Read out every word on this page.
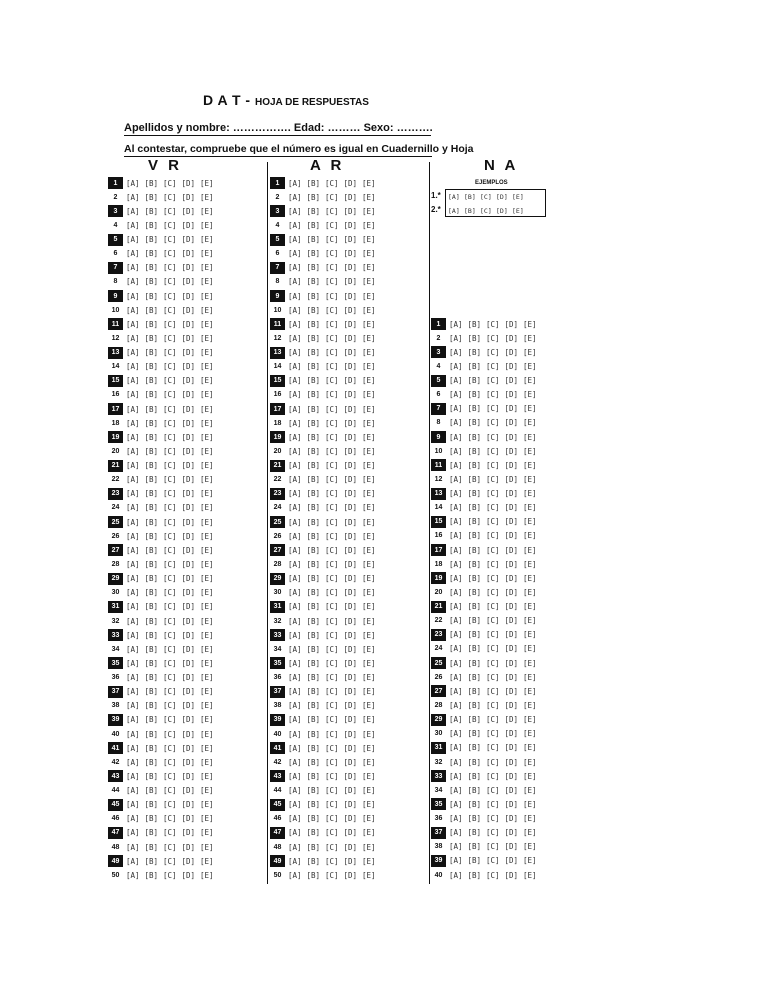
D A T - HOJA DE RESPUESTAS
Apellidos y nombre: ……………. Edad: ……… Sexo: ……….
Al contestar, compruebe que el número es igual en Cuadernillo y Hoja
V R	A R	N A
EJEMPLOS
1.* [A] [B] [C] [D] [E]
2.* [A] [B] [C] [D] [E]
1	[A] [B] [C] [D] [E]
2	[A] [B] [C] [D] [E]
3	[A] [B] [C] [D] [E]
4	[A] [B] [C] [D] [E]
5	[A] [B] [C] [D] [E]
6	[A] [B] [C] [D] [E]
7	[A] [B] [C] [D] [E]
8	[A] [B] [C] [D] [E]
9	[A] [B] [C] [D] [E]
10 [A] [B] [C] [D] [E]
11 [A] [B] [C] [D] [E]
12 [A] [B] [C] [D] [E]
13 [A] [B] [C] [D] [E]
14 [A] [B] [C] [D] [E]
15 [A] [B] [C] [D] [E]
16 [A] [B] [C] [D] [E]
17 [A] [B] [C] [D] [E]
18 [A] [B] [C] [D] [E]
19 [A] [B] [C] [D] [E]
20 [A] [B] [C] [D] [E]
21 [A] [B] [C] [D] [E]
22 [A] [B] [C] [D] [E]
23 [A] [B] [C] [D] [E]
24 [A] [B] [C] [D] [E]
25 [A] [B] [C] [D] [E]
26 [A] [B] [C] [D] [E]
27 [A] [B] [C] [D] [E]
28 [A] [B] [C] [D] [E]
29 [A] [B] [C] [D] [E]
30 [A] [B] [C] [D] [E]
31 [A] [B] [C] [D] [E]
32 [A] [B] [C] [D] [E]
33 [A] [B] [C] [D] [E]
34 [A] [B] [C] [D] [E]
35 [A] [B] [C] [D] [E]
36 [A] [B] [C] [D] [E]
37 [A] [B] [C] [D] [E]
38 [A] [B] [C] [D] [E]
39 [A] [B] [C] [D] [E]
40 [A] [B] [C] [D] [E]
41 [A] [B] [C] [D] [E]
42 [A] [B] [C] [D] [E]
43 [A] [B] [C] [D] [E]
44 [A] [B] [C] [D] [E]
45 [A] [B] [C] [D] [E]
46 [A] [B] [C] [D] [E]
47 [A] [B] [C] [D] [E]
48 [A] [B] [C] [D] [E]
49 [A] [B] [C] [D] [E]
50 [A] [B] [C] [D] [E]
1	[A] [B] [C] [D] [E]
2	[A] [B] [C] [D] [E]
3	[A] [B] [C] [D] [E]
4	[A] [B] [C] [D] [E]
5	[A] [B] [C] [D] [E]
6	[A] [B] [C] [D] [E]
7	[A] [B] [C] [D] [E]
8	[A] [B] [C] [D] [E]
9	[A] [B] [C] [D] [E]
10 [A] [B] [C] [D] [E]
11 [A] [B] [C] [D] [E]
12 [A] [B] [C] [D] [E]
13 [A] [B] [C] [D] [E]
14 [A] [B] [C] [D] [E]
15 [A] [B] [C] [D] [E]
16 [A] [B] [C] [D] [E]
17 [A] [B] [C] [D] [E]
18 [A] [B] [C] [D] [E]
19 [A] [B] [C] [D] [E]
20 [A] [B] [C] [D] [E]
21 [A] [B] [C] [D] [E]
22 [A] [B] [C] [D] [E]
23 [A] [B] [C] [D] [E]
24 [A] [B] [C] [D] [E]
25 [A] [B] [C] [D] [E]
26 [A] [B] [C] [D] [E]
27 [A] [B] [C] [D] [E]
28 [A] [B] [C] [D] [E]
29 [A] [B] [C] [D] [E]
30 [A] [B] [C] [D] [E]
31 [A] [B] [C] [D] [E]
32 [A] [B] [C] [D] [E]
33 [A] [B] [C] [D] [E]
34 [A] [B] [C] [D] [E]
35 [A] [B] [C] [D] [E]
36 [A] [B] [C] [D] [E]
37 [A] [B] [C] [D] [E]
38 [A] [B] [C] [D] [E]
39 [A] [B] [C] [D] [E]
40 [A] [B] [C] [D] [E]
41 [A] [B] [C] [D] [E]
42 [A] [B] [C] [D] [E]
43 [A] [B] [C] [D] [E]
44 [A] [B] [C] [D] [E]
45 [A] [B] [C] [D] [E]
46 [A] [B] [C] [D] [E]
47 [A] [B] [C] [D] [E]
48 [A] [B] [C] [D] [E]
49 [A] [B] [C] [D] [E]
50 [A] [B] [C] [D] [E]
1	[A] [B] [C] [D] [E]
2	[A] [B] [C] [D] [E]
3	[A] [B] [C] [D] [E]
4	[A] [B] [C] [D] [E]
5	[A] [B] [C] [D] [E]
6	[A] [B] [C] [D] [E]
7	[A] [B] [C] [D] [E]
8	[A] [B] [C] [D] [E]
9	[A] [B] [C] [D] [E]
10 [A] [B] [C] [D] [E]
11 [A] [B] [C] [D] [E]
12 [A] [B] [C] [D] [E]
13 [A] [B] [C] [D] [E]
14 [A] [B] [C] [D] [E]
15 [A] [B] [C] [D] [E]
16 [A] [B] [C] [D] [E]
17 [A] [B] [C] [D] [E]
18 [A] [B] [C] [D] [E]
19 [A] [B] [C] [D] [E]
20 [A] [B] [C] [D] [E]
21 [A] [B] [C] [D] [E]
22 [A] [B] [C] [D] [E]
23 [A] [B] [C] [D] [E]
24 [A] [B] [C] [D] [E]
25 [A] [B] [C] [D] [E]
26 [A] [B] [C] [D] [E]
27 [A] [B] [C] [D] [E]
28 [A] [B] [C] [D] [E]
29 [A] [B] [C] [D] [E]
30 [A] [B] [C] [D] [E]
31 [A] [B] [C] [D] [E]
32 [A] [B] [C] [D] [E]
33 [A] [B] [C] [D] [E]
34 [A] [B] [C] [D] [E]
35 [A] [B] [C] [D] [E]
36 [A] [B] [C] [D] [E]
37 [A] [B] [C] [D] [E]
38 [A] [B] [C] [D] [E]
39 [A] [B] [C] [D] [E]
40 [A] [B] [C] [D] [E]
